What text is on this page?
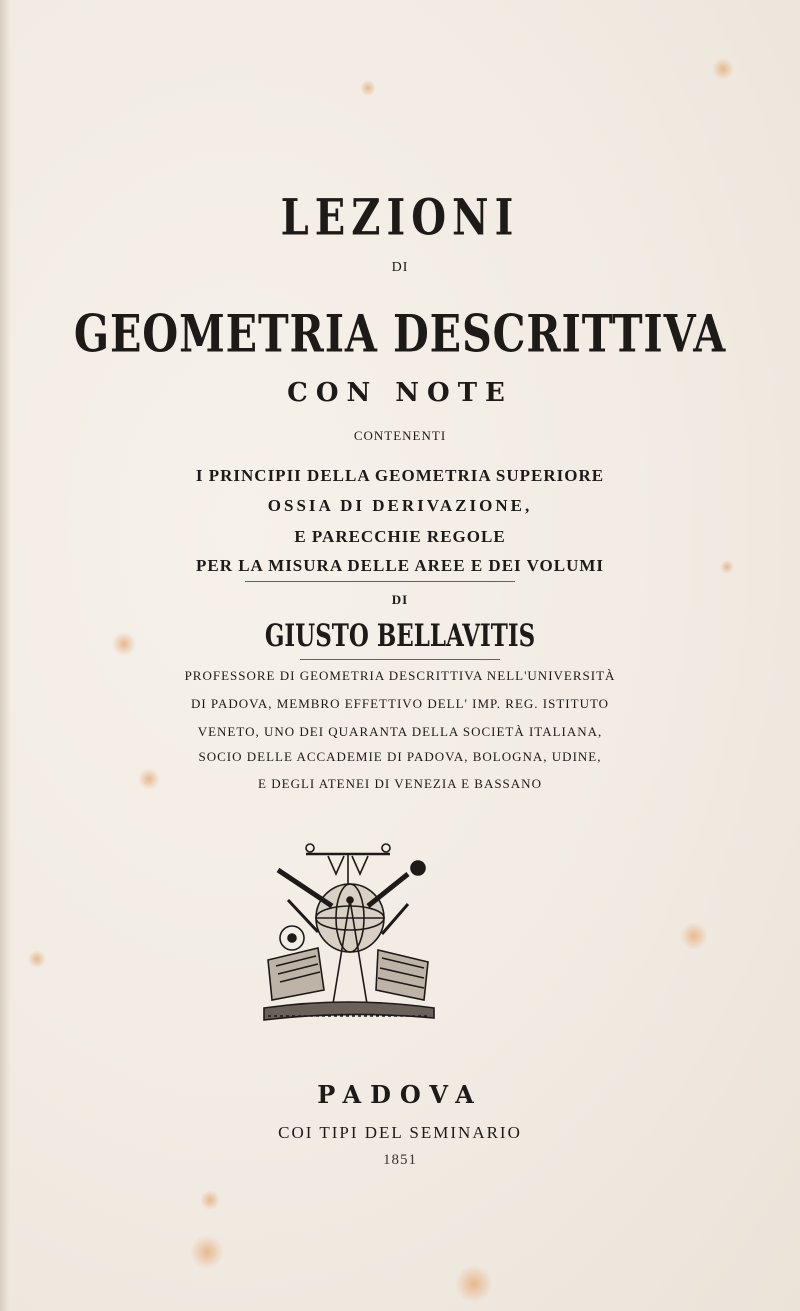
LEZIONI
DI
GEOMETRIA DESCRITTIVA
CON NOTE
CONTENENTI
I PRINCIPII DELLA GEOMETRIA SUPERIORE
OSSIA DI DERIVAZIONE,
E PARECCHIE REGOLE
PER LA MISURA DELLE AREE E DEI VOLUMI
DI
GIUSTO BELLAVITIS
PROFESSORE DI GEOMETRIA DESCRITTIVA NELL'UNIVERSITÀ
DI PADOVA, MEMBRO EFFETTIVO DELL' IMP. REG. ISTITUTO
VENETO, UNO DEI QUARANTA DELLA SOCIETÀ ITALIANA,
SOCIO DELLE ACCADEMIE DI PADOVA, BOLOGNA, UDINE,
E DEGLI ATENEI DI VENEZIA E BASSANO
PADOVA
COI TIPI DEL SEMINARIO
1851
